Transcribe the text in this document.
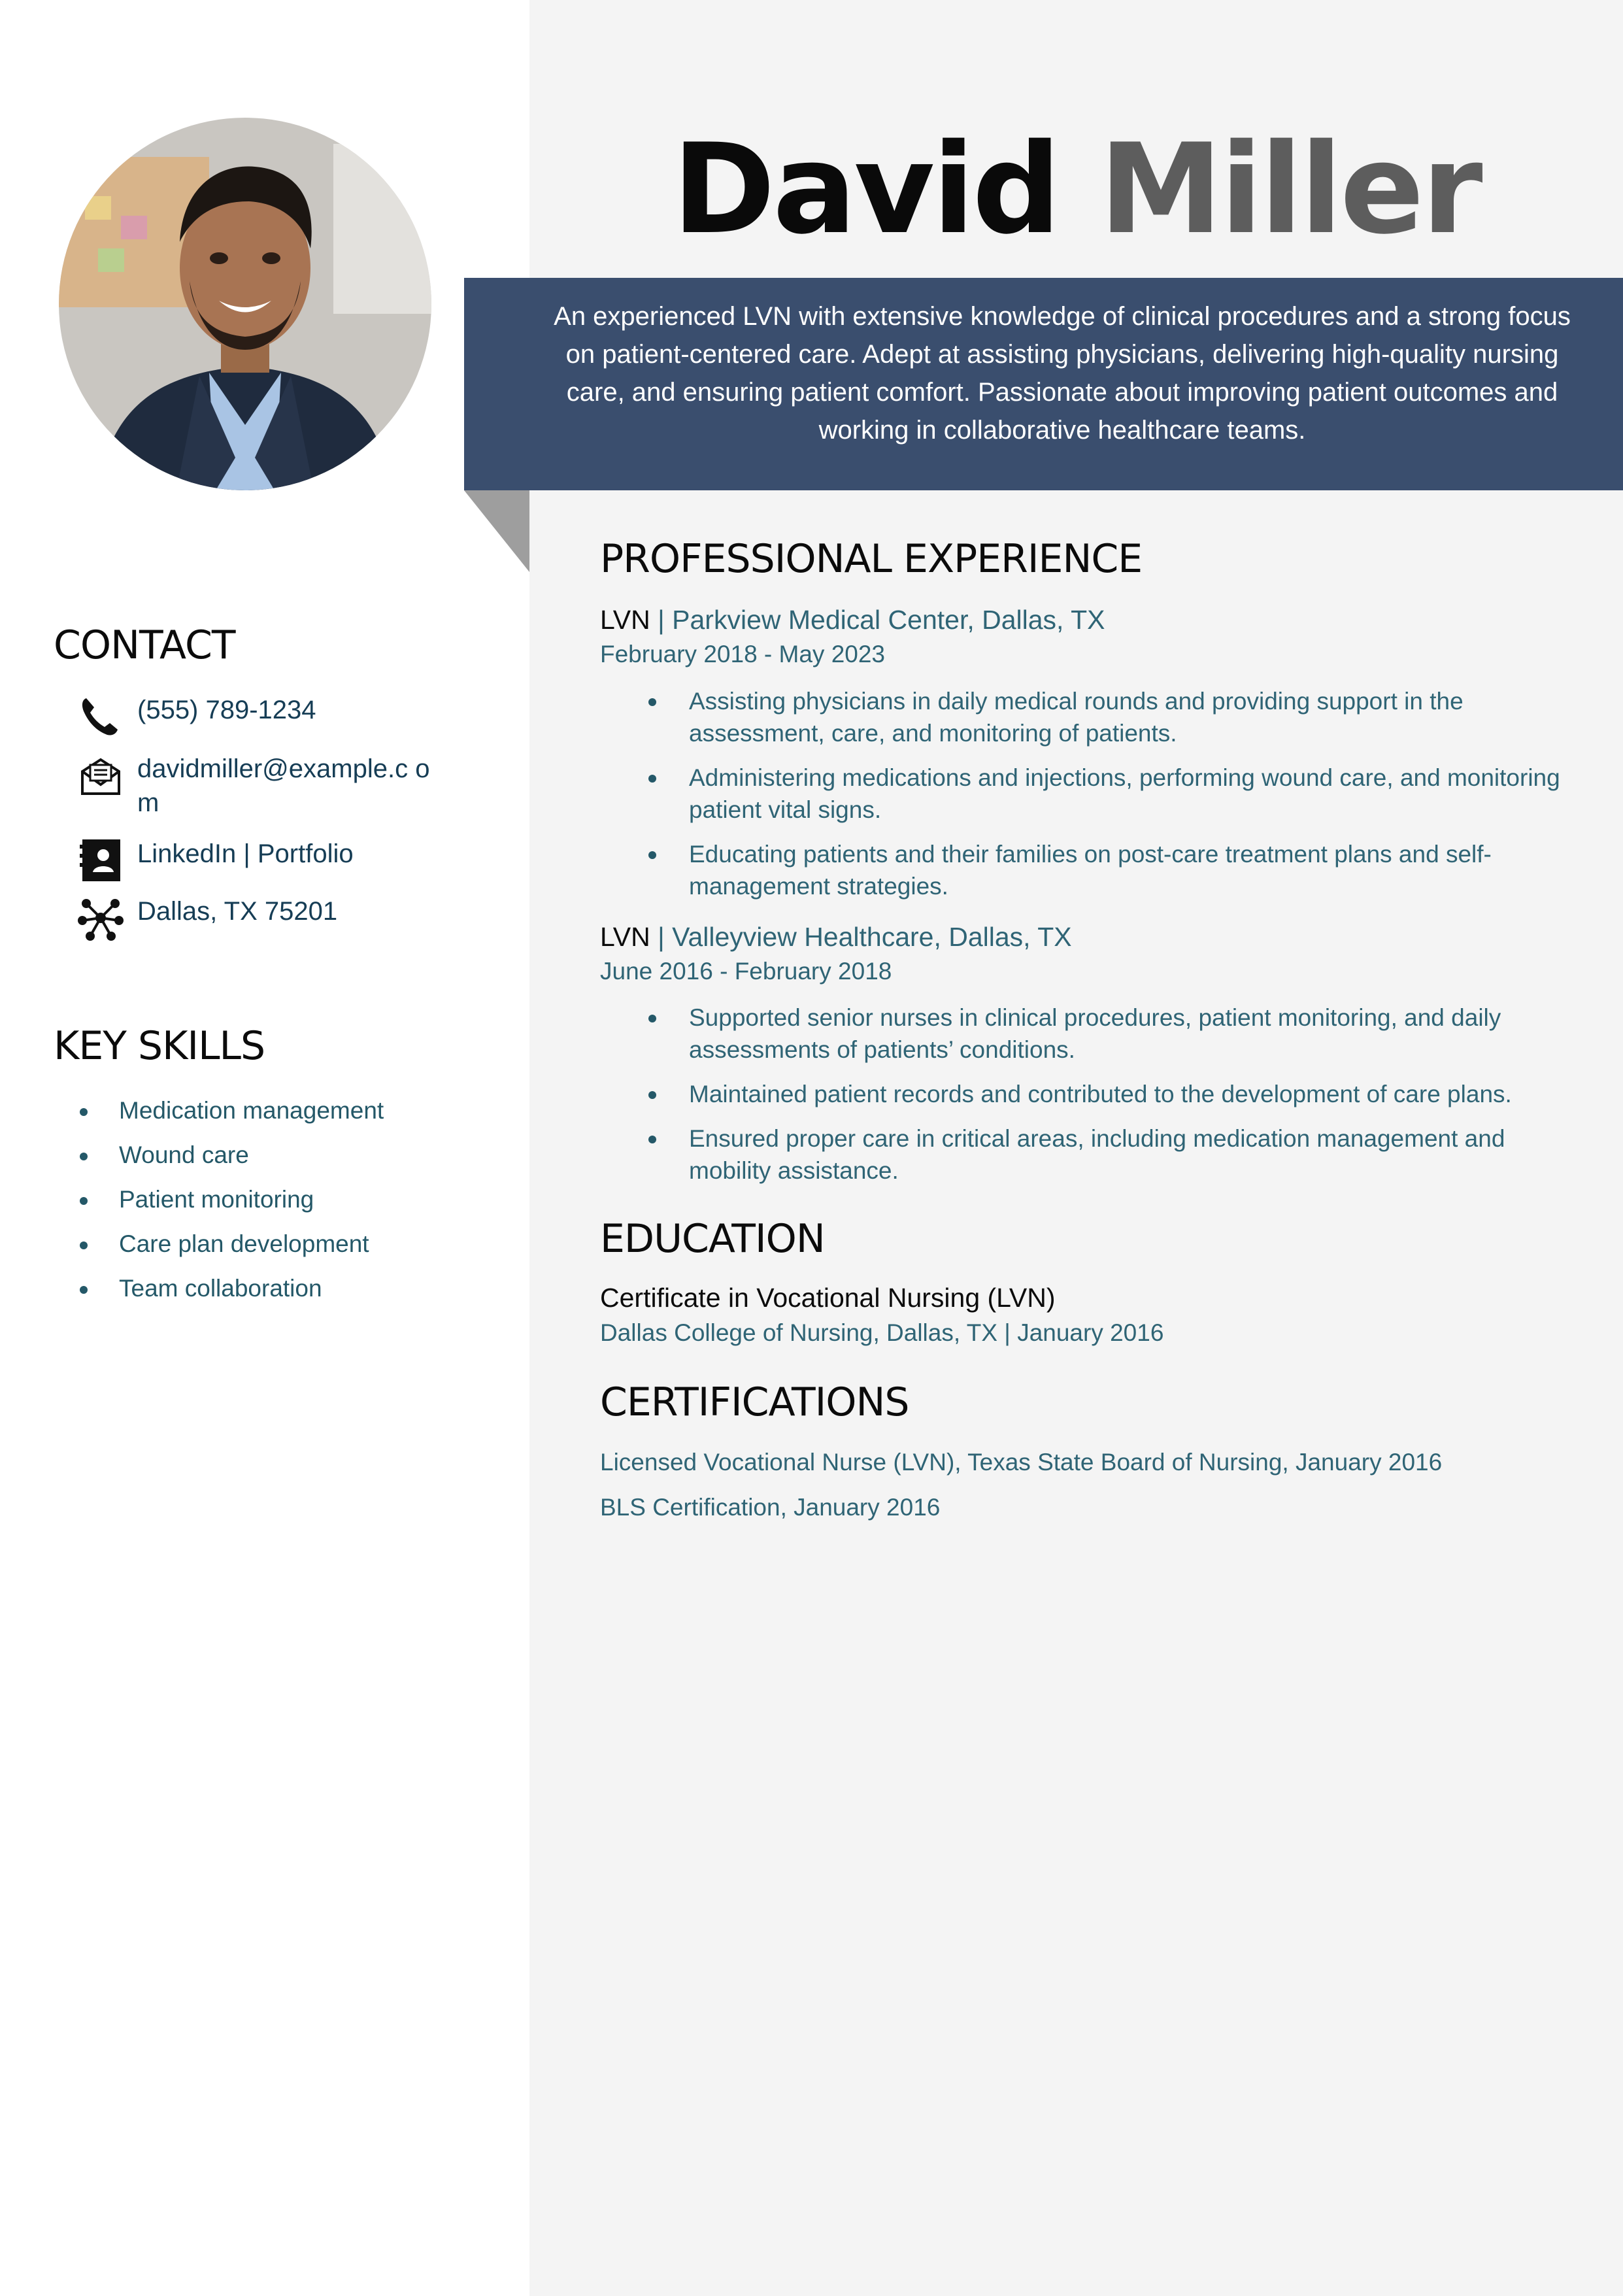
David Miller
An experienced LVN with extensive knowledge of clinical procedures and a strong focus on patient-centered care. Adept at assisting physicians, delivering high-quality nursing care, and ensuring patient comfort. Passionate about improving patient outcomes and working in collaborative healthcare teams.
CONTACT
(555) 789-1234
davidmiller@example.c om
LinkedIn | Portfolio
Dallas, TX 75201
KEY SKILLS
Medication management
Wound care
Patient monitoring
Care plan development
Team collaboration
PROFESSIONAL EXPERIENCE
LVN | Parkview Medical Center, Dallas, TX
February 2018 - May 2023
Assisting physicians in daily medical rounds and providing support in the assessment, care, and monitoring of patients.
Administering medications and injections, performing wound care, and monitoring patient vital signs.
Educating patients and their families on post-care treatment plans and self-management strategies.
LVN | Valleyview Healthcare, Dallas, TX
June 2016 - February 2018
Supported senior nurses in clinical procedures, patient monitoring, and daily assessments of patients’ conditions.
Maintained patient records and contributed to the development of care plans.
Ensured proper care in critical areas, including medication management and mobility assistance.
EDUCATION
Certificate in Vocational Nursing (LVN)
Dallas College of Nursing, Dallas, TX | January 2016
CERTIFICATIONS
Licensed Vocational Nurse (LVN), Texas State Board of Nursing, January 2016
BLS Certification, January 2016
